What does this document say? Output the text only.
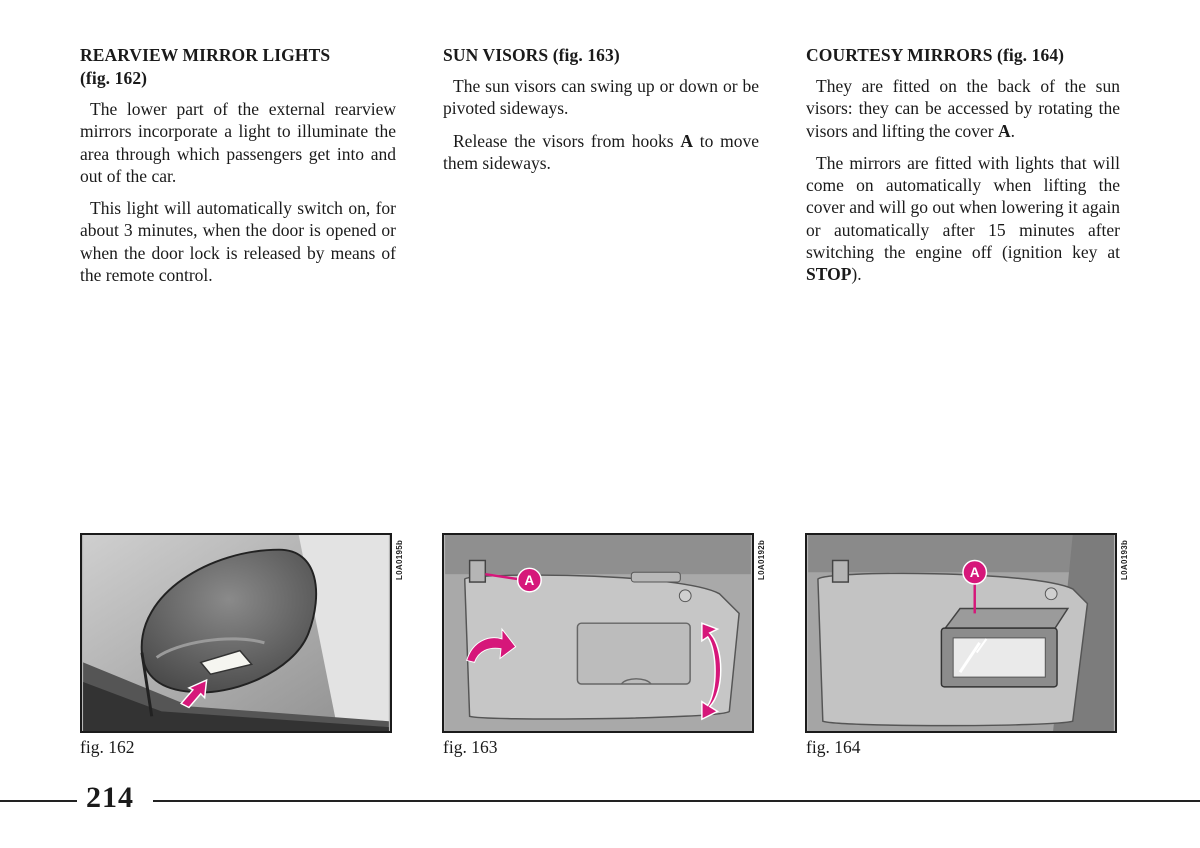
REARVIEW MIRROR LIGHTS
(fig. 162)

The lower part of the external rearview mirrors incorporate a light to illuminate the area through which passengers get into and out of the car.

This light will automatically switch on, for about 3 minutes, when the door is opened or when the door lock is released by means of the remote control.

SUN VISORS (fig. 163)

The sun visors can swing up or down or be pivoted sideways.

Release the visors from hooks A to move them sideways.

COURTESY MIRRORS (fig. 164)

They are fitted on the back of the sun visors: they can be accessed by rotating the visors and lifting the cover A.

The mirrors are fitted with lights that will come on automatically when lifting the cover and will go out when lowering it again or automatically after 15 minutes after switching the engine off (ignition key at STOP).

L0A0195b
fig. 162
A
L0A0192b
fig. 163
A	L0A0193b
fig. 164
214
